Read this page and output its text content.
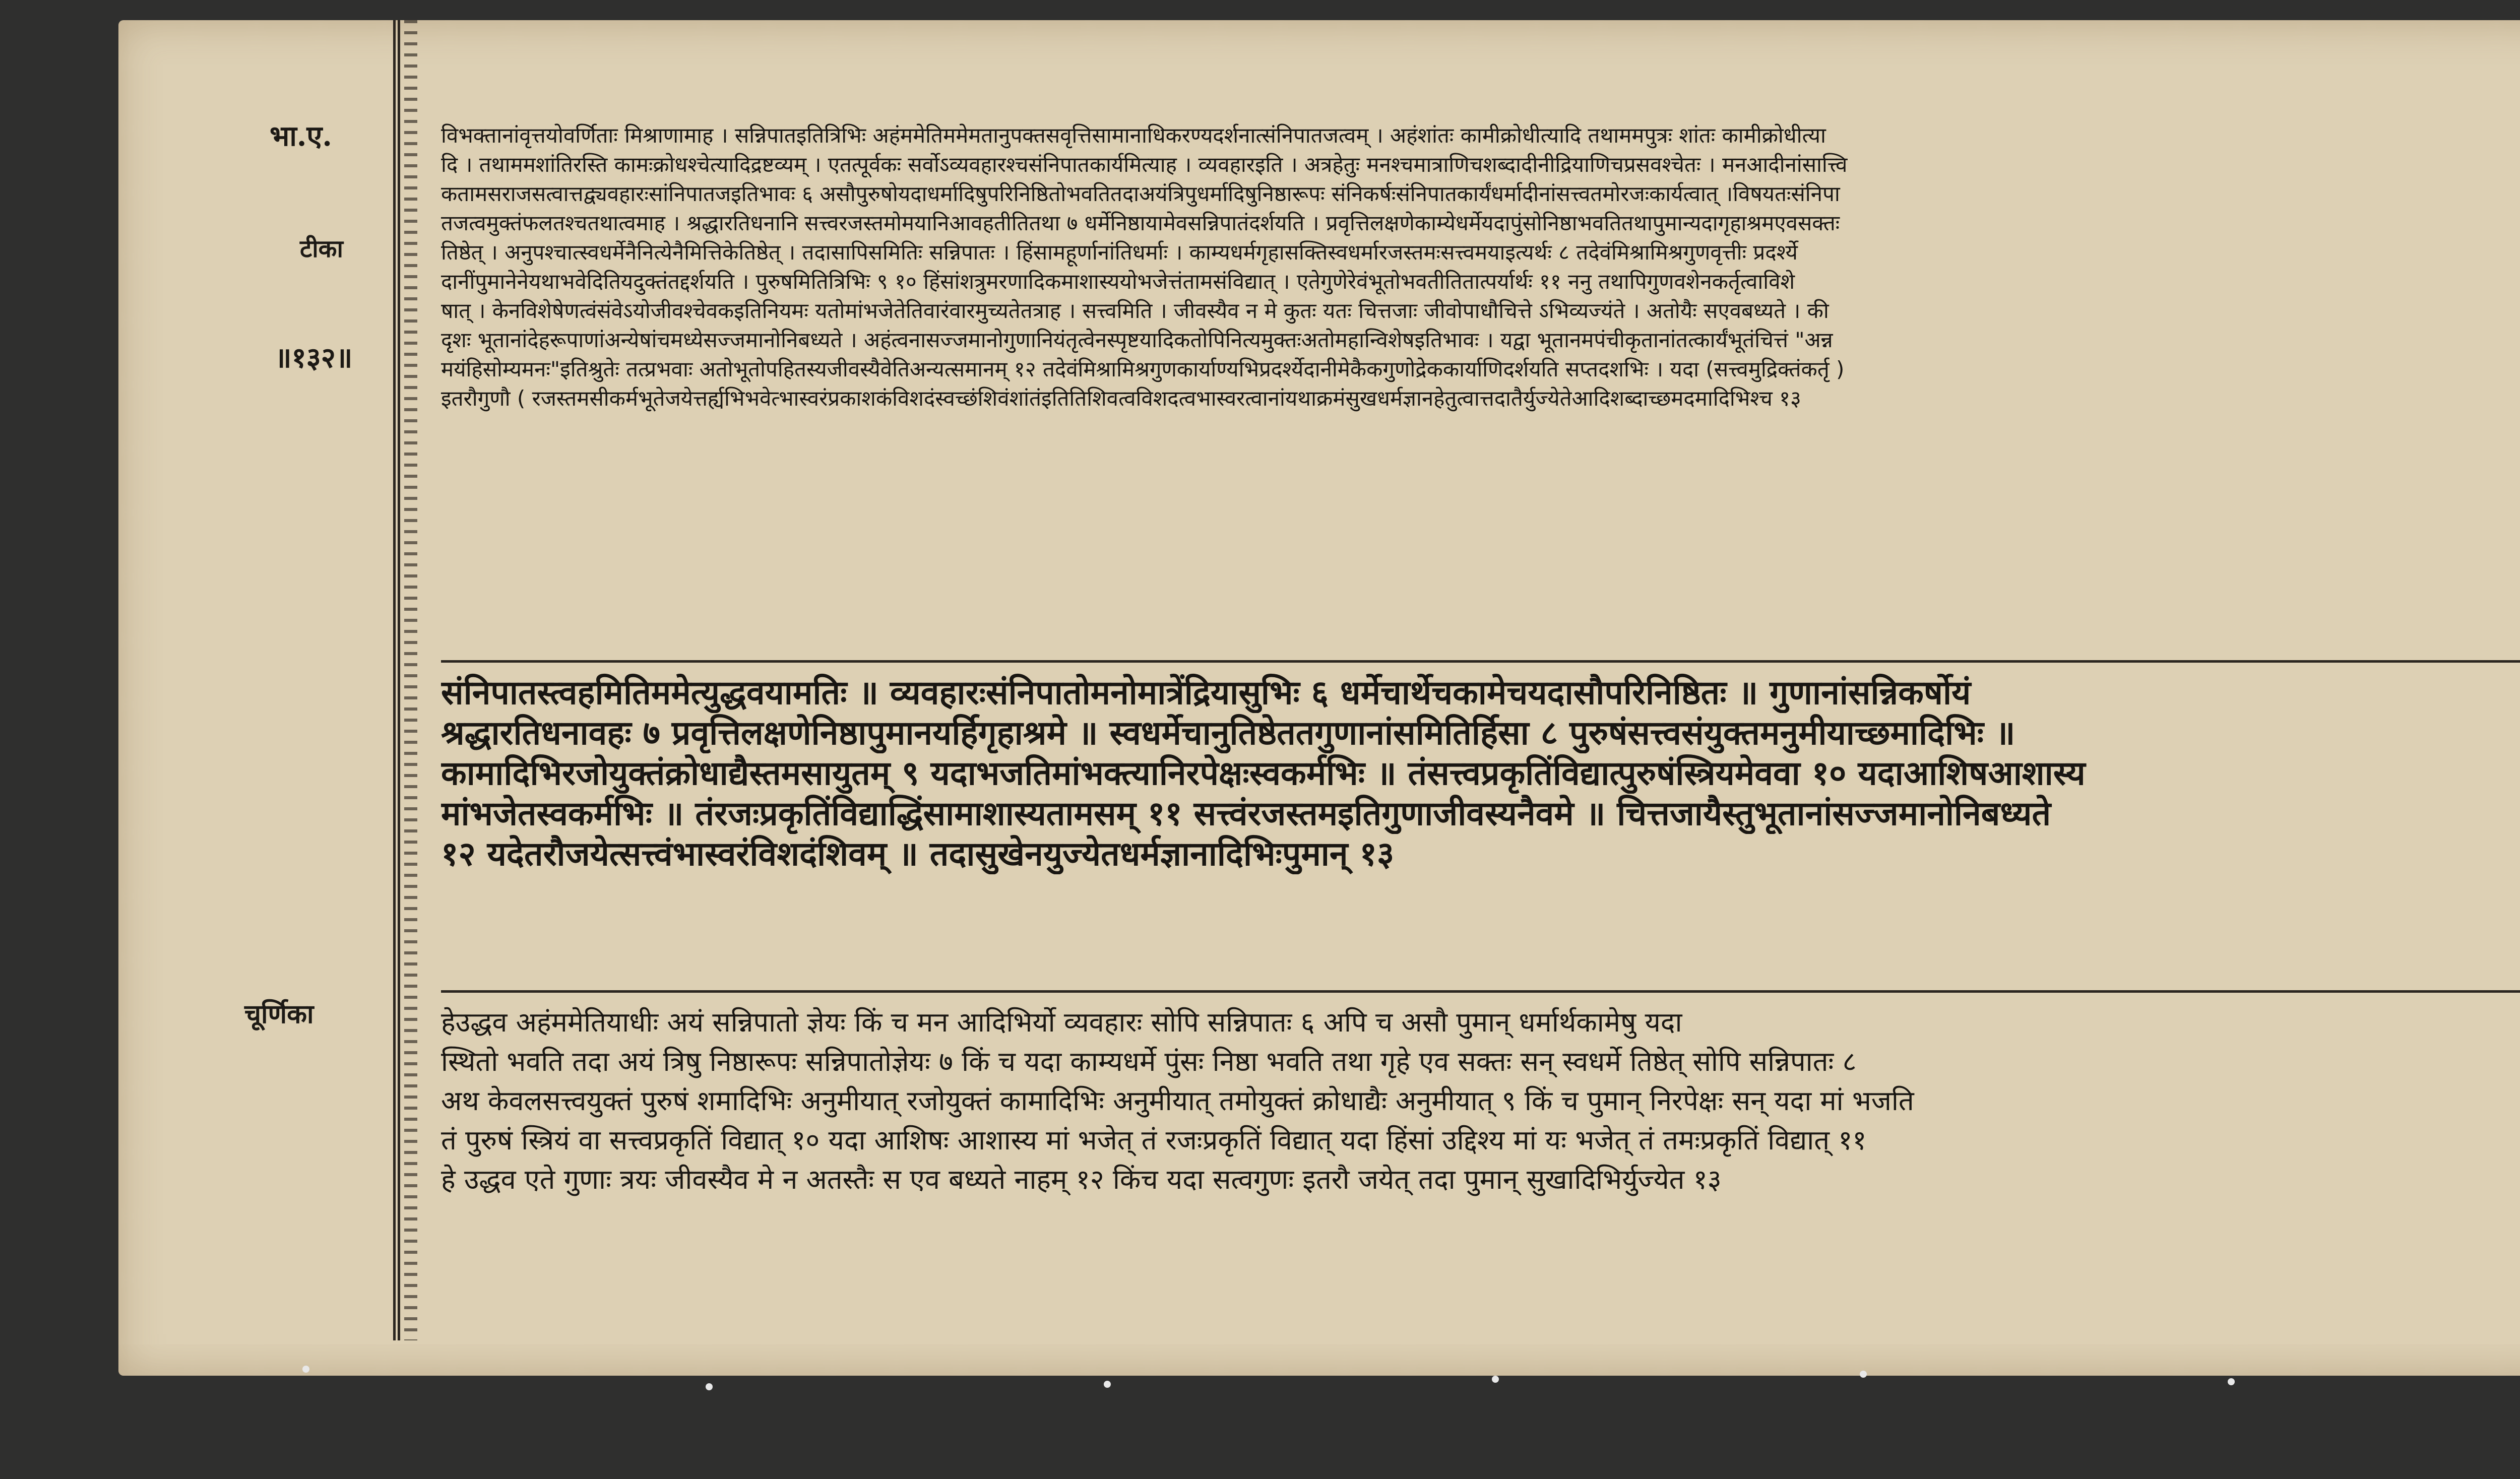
भा.ए.
टीका
॥१३२॥
चूर्णिका
विभक्तानांवृत्तयोवर्णिताः मिश्राणामाह । सन्निपातइतित्रिभिः अहंममेतिममेमतानुपक्तसवृत्तिसामानाधिकरण्यदर्शनात्संनिपातजत्वम् । अहंशांतः कामीक्रोधीत्यादि तथाममपुत्रः शांतः कामीक्रोधीत्या
दि । तथाममशांतिरस्ति कामःक्रोधश्चेत्यादिद्रष्टव्यम् । एतत्पूर्वकः सर्वोऽव्यवहारश्चसंनिपातकार्यमित्याह । व्यवहारइति । अत्रहेतुः मनश्चमात्राणिचशब्दादीनीद्रियाणिचप्रसवश्चेतः । मनआदीनांसात्त्वि
कतामसराजसत्वात्तद्व्यवहारःसांनिपातजइतिभावः ६ असौपुरुषोयदाधर्मादिषुपरिनिष्ठितोभवतितदाअयंत्रिपुधर्मादिषुनिष्ठारूपः संनिकर्षःसंनिपातकार्यंधर्मादीनांसत्त्वतमोरजःकार्यत्वात् ।विषयतःसंनिपा
तजत्वमुक्तंफलतश्चतथात्वमाह । श्रद्धारतिधनानि सत्त्वरजस्तमोमयानिआवहतीतितथा ७ धर्मेनिष्ठायामेवसन्निपातंदर्शयति । प्रवृत्तिलक्षणेकाम्येधर्मेयदापुंसोनिष्ठाभवतितथापुमान्यदागृहाश्रमएवसक्तः
तिष्ठेत् । अनुपश्चात्स्वधर्मेनैनित्येनैमित्तिकेतिष्ठेत् । तदासापिसमितिः सन्निपातः । हिंसामहूर्णानांतिधर्माः । काम्यधर्मगृहासक्तिस्वधर्मारजस्तमःसत्त्वमयाइत्यर्थः ८ तदेवंमिश्रामिश्रगुणवृत्तीः प्रदर्श्ये
दानींपुमानेनेयथाभवेदितियदुक्तंतद्दर्शयति । पुरुषमितित्रिभिः ९ १० हिंसांशत्रुमरणादिकमाशास्ययोभजेत्तंतामसंविद्यात् । एतेगुणेरेवंभूतोभवतीतितात्पर्यार्थः ११ ननु तथापिगुणवशेनकर्तृत्वाविशे
षात् । केनविशेषेणत्वंसंवेऽयोजीवश्चेवकइतिनियमः यतोमांभजेतेतिवारंवारमुच्यतेतत्राह । सत्त्वमिति । जीवस्यैव न मे कुतः यतः चित्तजाः जीवोपाधौचित्ते ऽभिव्यज्यंते । अतोयैः सएवबध्यते । की
दृशः भूतानांदेहरूपाणांअन्येषांचमध्येसज्जमानोनिबध्यते । अहंत्वनासज्जमानोगुणानियंतृत्वेनस्पृष्टयादिकतोपिनित्यमुक्तःअतोमहान्विशेषइतिभावः । यद्वा भूतानमपंचीकृतानांतत्कार्यंभूतंचित्तं "अन्न
मयंहिसोम्यमनः"इतिश्रुतेः तत्प्रभवाः अतोभूतोपहितस्यजीवस्यैवेतिअन्यत्समानम् १२ तदेवंमिश्रामिश्रगुणकार्याण्यभिप्रदर्श्येदानीमेकैकगुणोद्रेककार्याणिदर्शयति सप्तदशभिः । यदा (सत्त्वमुद्रिक्तंकर्तृ )
इतरौगुणौ ( रजस्तमसीकर्मभूतेजयेत्तर्ह्यभिभवेत्भास्वरंप्रकाशकंविशदंस्वच्छंशिवंशांतंइतितिशिवत्वविशदत्वभास्वरत्वानांयथाक्रमंसुखधर्मज्ञानहेतुत्वात्तदातैर्युज्येतेआदिशब्दाच्छमदमादिभिश्च १३
संनिपातस्त्वहमितिममेत्युद्धवयामतिः ॥ व्यवहारःसंनिपातोमनोमात्रेंद्रियासुभिः ६ धर्मेचार्थेचकामेचयदासौपरिनिष्ठितः ॥ गुणानांसन्निकर्षोयं
श्रद्धारतिधनावहः ७ प्रवृत्तिलक्षणेनिष्ठापुमानयर्हिगृहाश्रमे ॥ स्वधर्मेचानुतिष्ठेततगुणानांसमितिर्हिसा ८ पुरुषंसत्त्वसंयुक्तमनुमीयाच्छमादिभिः ॥
कामादिभिरजोयुक्तंक्रोधाद्यैस्तमसायुतम् ९ यदाभजतिमांभक्त्यानिरपेक्षःस्वकर्मभिः ॥ तंसत्त्वप्रकृतिंविद्यात्पुरुषंस्त्रियमेववा १० यदाआशिषआशास्य
मांभजेतस्वकर्मभिः ॥ तंरजःप्रकृतिंविद्याद्धिंसामाशास्यतामसम् ११ सत्त्वंरजस्तमइतिगुणाजीवस्यनैवमे ॥ चित्तजायैस्तुभूतानांसज्जमानोनिबध्यते
१२ यदेतरौजयेत्सत्त्वंभास्वरंविशदंशिवम् ॥ तदासुखेनयुज्येतधर्मज्ञानादिभिःपुमान् १३
हेउद्धव अहंममेतियाधीः अयं सन्निपातो ज्ञेयः किं च मन आदिभिर्यो व्यवहारः सोपि सन्निपातः ६ अपि च असौ पुमान् धर्मार्थकामेषु यदा
स्थितो भवति तदा अयं त्रिषु निष्ठारूपः सन्निपातोज्ञेयः ७ किं च यदा काम्यधर्मे पुंसः निष्ठा भवति तथा गृहे एव सक्तः सन् स्वधर्मे तिष्ठेत् सोपि सन्निपातः ८
अथ केवलसत्त्वयुक्तं पुरुषं शमादिभिः अनुमीयात् रजोयुक्तं कामादिभिः अनुमीयात् तमोयुक्तं क्रोधाद्यैः अनुमीयात् ९ किं च पुमान् निरपेक्षः सन् यदा मां भजति
तं पुरुषं स्त्रियं वा सत्त्वप्रकृतिं विद्यात् १० यदा आशिषः आशास्य मां भजेत् तं रजःप्रकृतिं विद्यात् यदा हिंसां उद्दिश्य मां यः भजेत् तं तमःप्रकृतिं विद्यात् ११
हे उद्धव एते गुणाः त्रयः जीवस्यैव मे न अतस्तैः स एव बध्यते नाहम् १२ किंच यदा सत्वगुणः इतरौ जयेत् तदा पुमान् सुखादिभिर्युज्येत १३
